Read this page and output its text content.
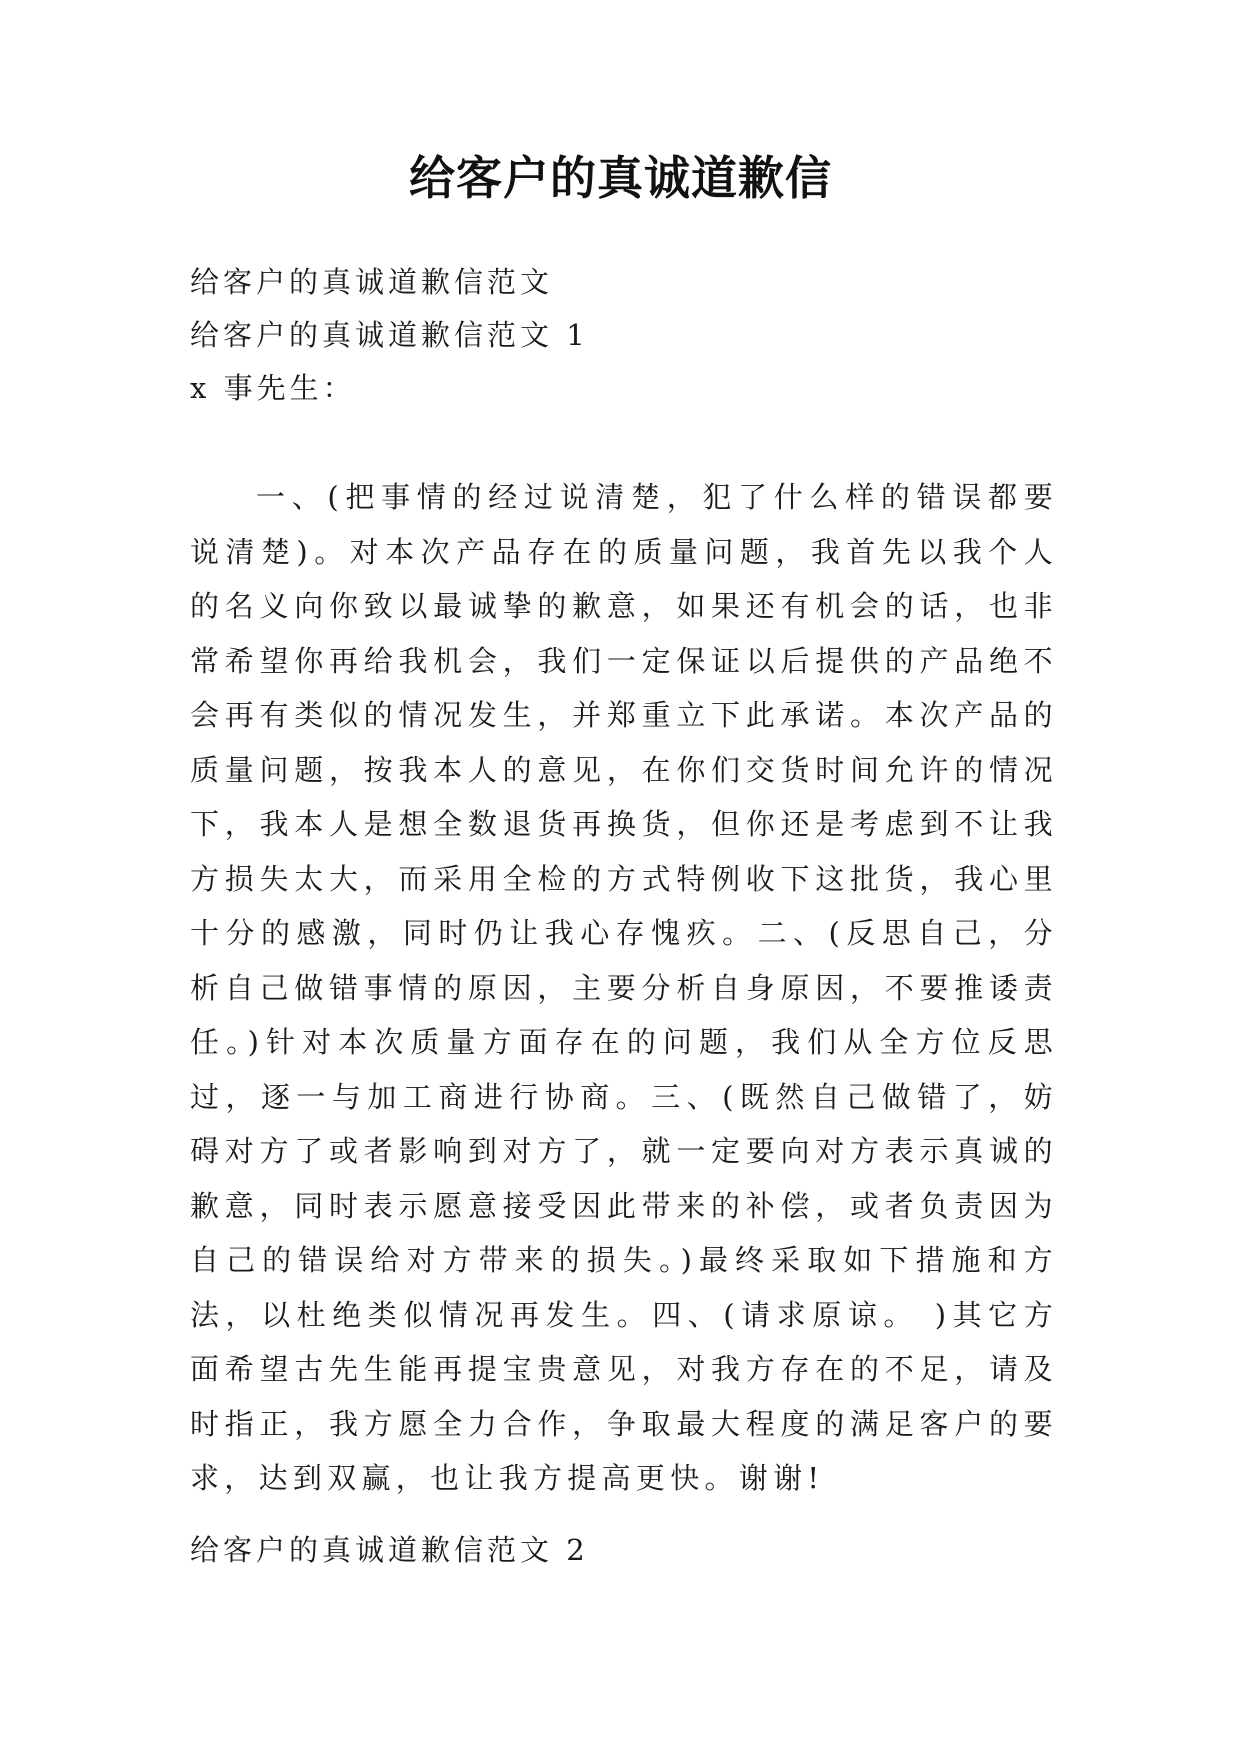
给客户的真诚道歉信
给客户的真诚道歉信范文
给客户的真诚道歉信范文 1
x 事先生：
一、(把事情的经过说清楚，犯了什么样的错误都要说清楚)。对本次产品存在的质量问题，我首先以我个人的名义向你致以最诚挚的歉意，如果还有机会的话，也非常希望你再给我机会，我们一定保证以后提供的产品绝不会再有类似的情况发生，并郑重立下此承诺。本次产品的质量问题，按我本人的意见，在你们交货时间允许的情况下，我本人是想全数退货再换货，但你还是考虑到不让我方损失太大，而采用全检的方式特例收下这批货，我心里十分的感激，同时仍让我心存愧疚。二、(反思自己，分析自己做错事情的原因，主要分析自身原因，不要推诿责任。)针对本次质量方面存在的问题，我们从全方位反思过，逐一与加工商进行协商。三、(既然自己做错了，妨碍对方了或者影响到对方了，就一定要向对方表示真诚的歉意，同时表示愿意接受因此带来的补偿，或者负责因为自己的错误给对方带来的损失。)最终采取如下措施和方法，以杜绝类似情况再发生。四、(请求原谅。 )其它方面希望古先生能再提宝贵意见，对我方存在的不足，请及时指正，我方愿全力合作，争取最大程度的满足客户的要求，达到双赢，也让我方提高更快。谢谢!
给客户的真诚道歉信范文 2
